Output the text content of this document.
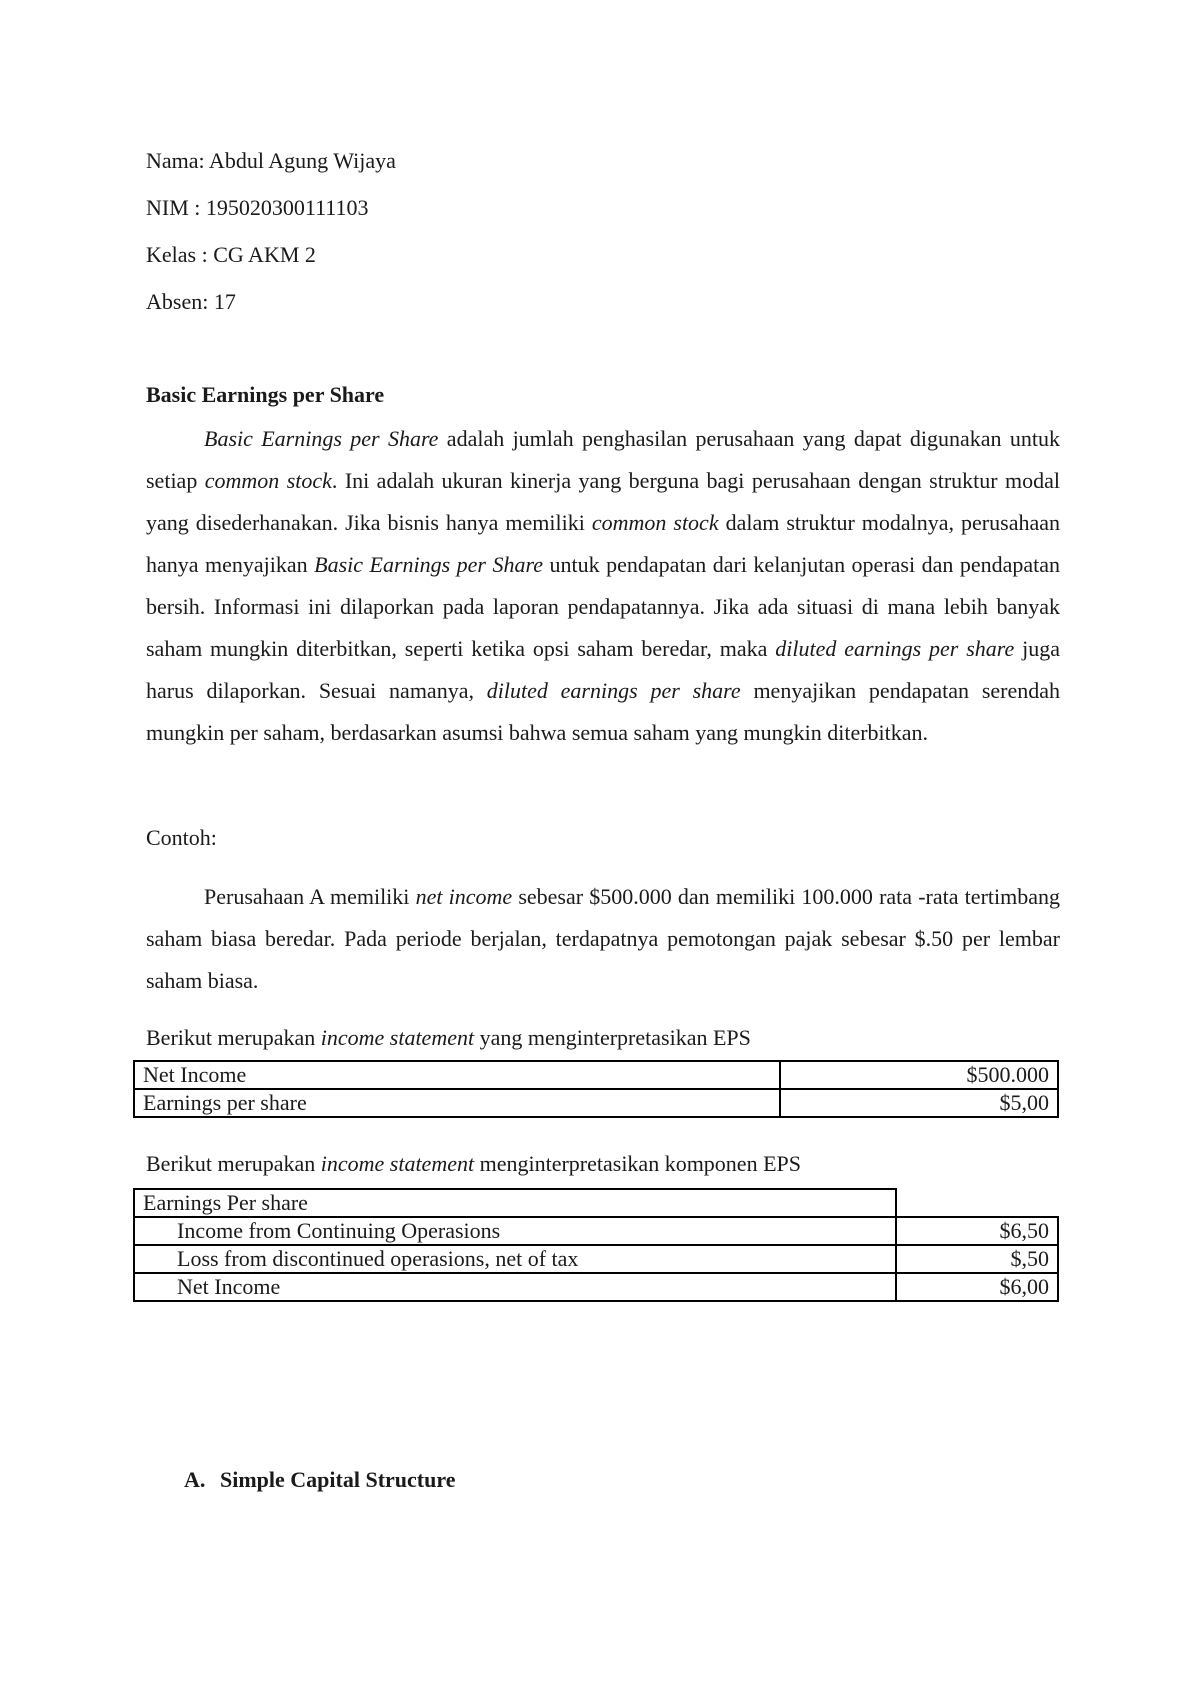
Nama: Abdul Agung Wijaya
NIM : 195020300111103
Kelas : CG AKM 2
Absen: 17
Basic Earnings per Share
Basic Earnings per Share adalah jumlah penghasilan perusahaan yang dapat digunakan untuk setiap common stock. Ini adalah ukuran kinerja yang berguna bagi perusahaan dengan struktur modal yang disederhanakan. Jika bisnis hanya memiliki common stock dalam struktur modalnya, perusahaan hanya menyajikan Basic Earnings per Share untuk pendapatan dari kelanjutan operasi dan pendapatan bersih. Informasi ini dilaporkan pada laporan pendapatannya. Jika ada situasi di mana lebih banyak saham mungkin diterbitkan, seperti ketika opsi saham beredar, maka diluted earnings per share juga harus dilaporkan. Sesuai namanya, diluted earnings per share menyajikan pendapatan serendah mungkin per saham, berdasarkan asumsi bahwa semua saham yang mungkin diterbitkan.
Contoh:
Perusahaan A memiliki net income sebesar $500.000 dan memiliki 100.000 rata -rata tertimbang saham biasa beredar. Pada periode berjalan, terdapatnya pemotongan pajak sebesar $.50 per lembar saham biasa.
Berikut merupakan income statement yang menginterpretasikan EPS
Net Income	$500.000
Earnings per share	$5,00
Berikut merupakan income statement menginterpretasikan komponen EPS
Earnings Per share	
Income from Continuing Operasions	$6,50
Loss from discontinued operasions, net of tax	$,50
Net Income	$6,00
A. Simple Capital Structure
